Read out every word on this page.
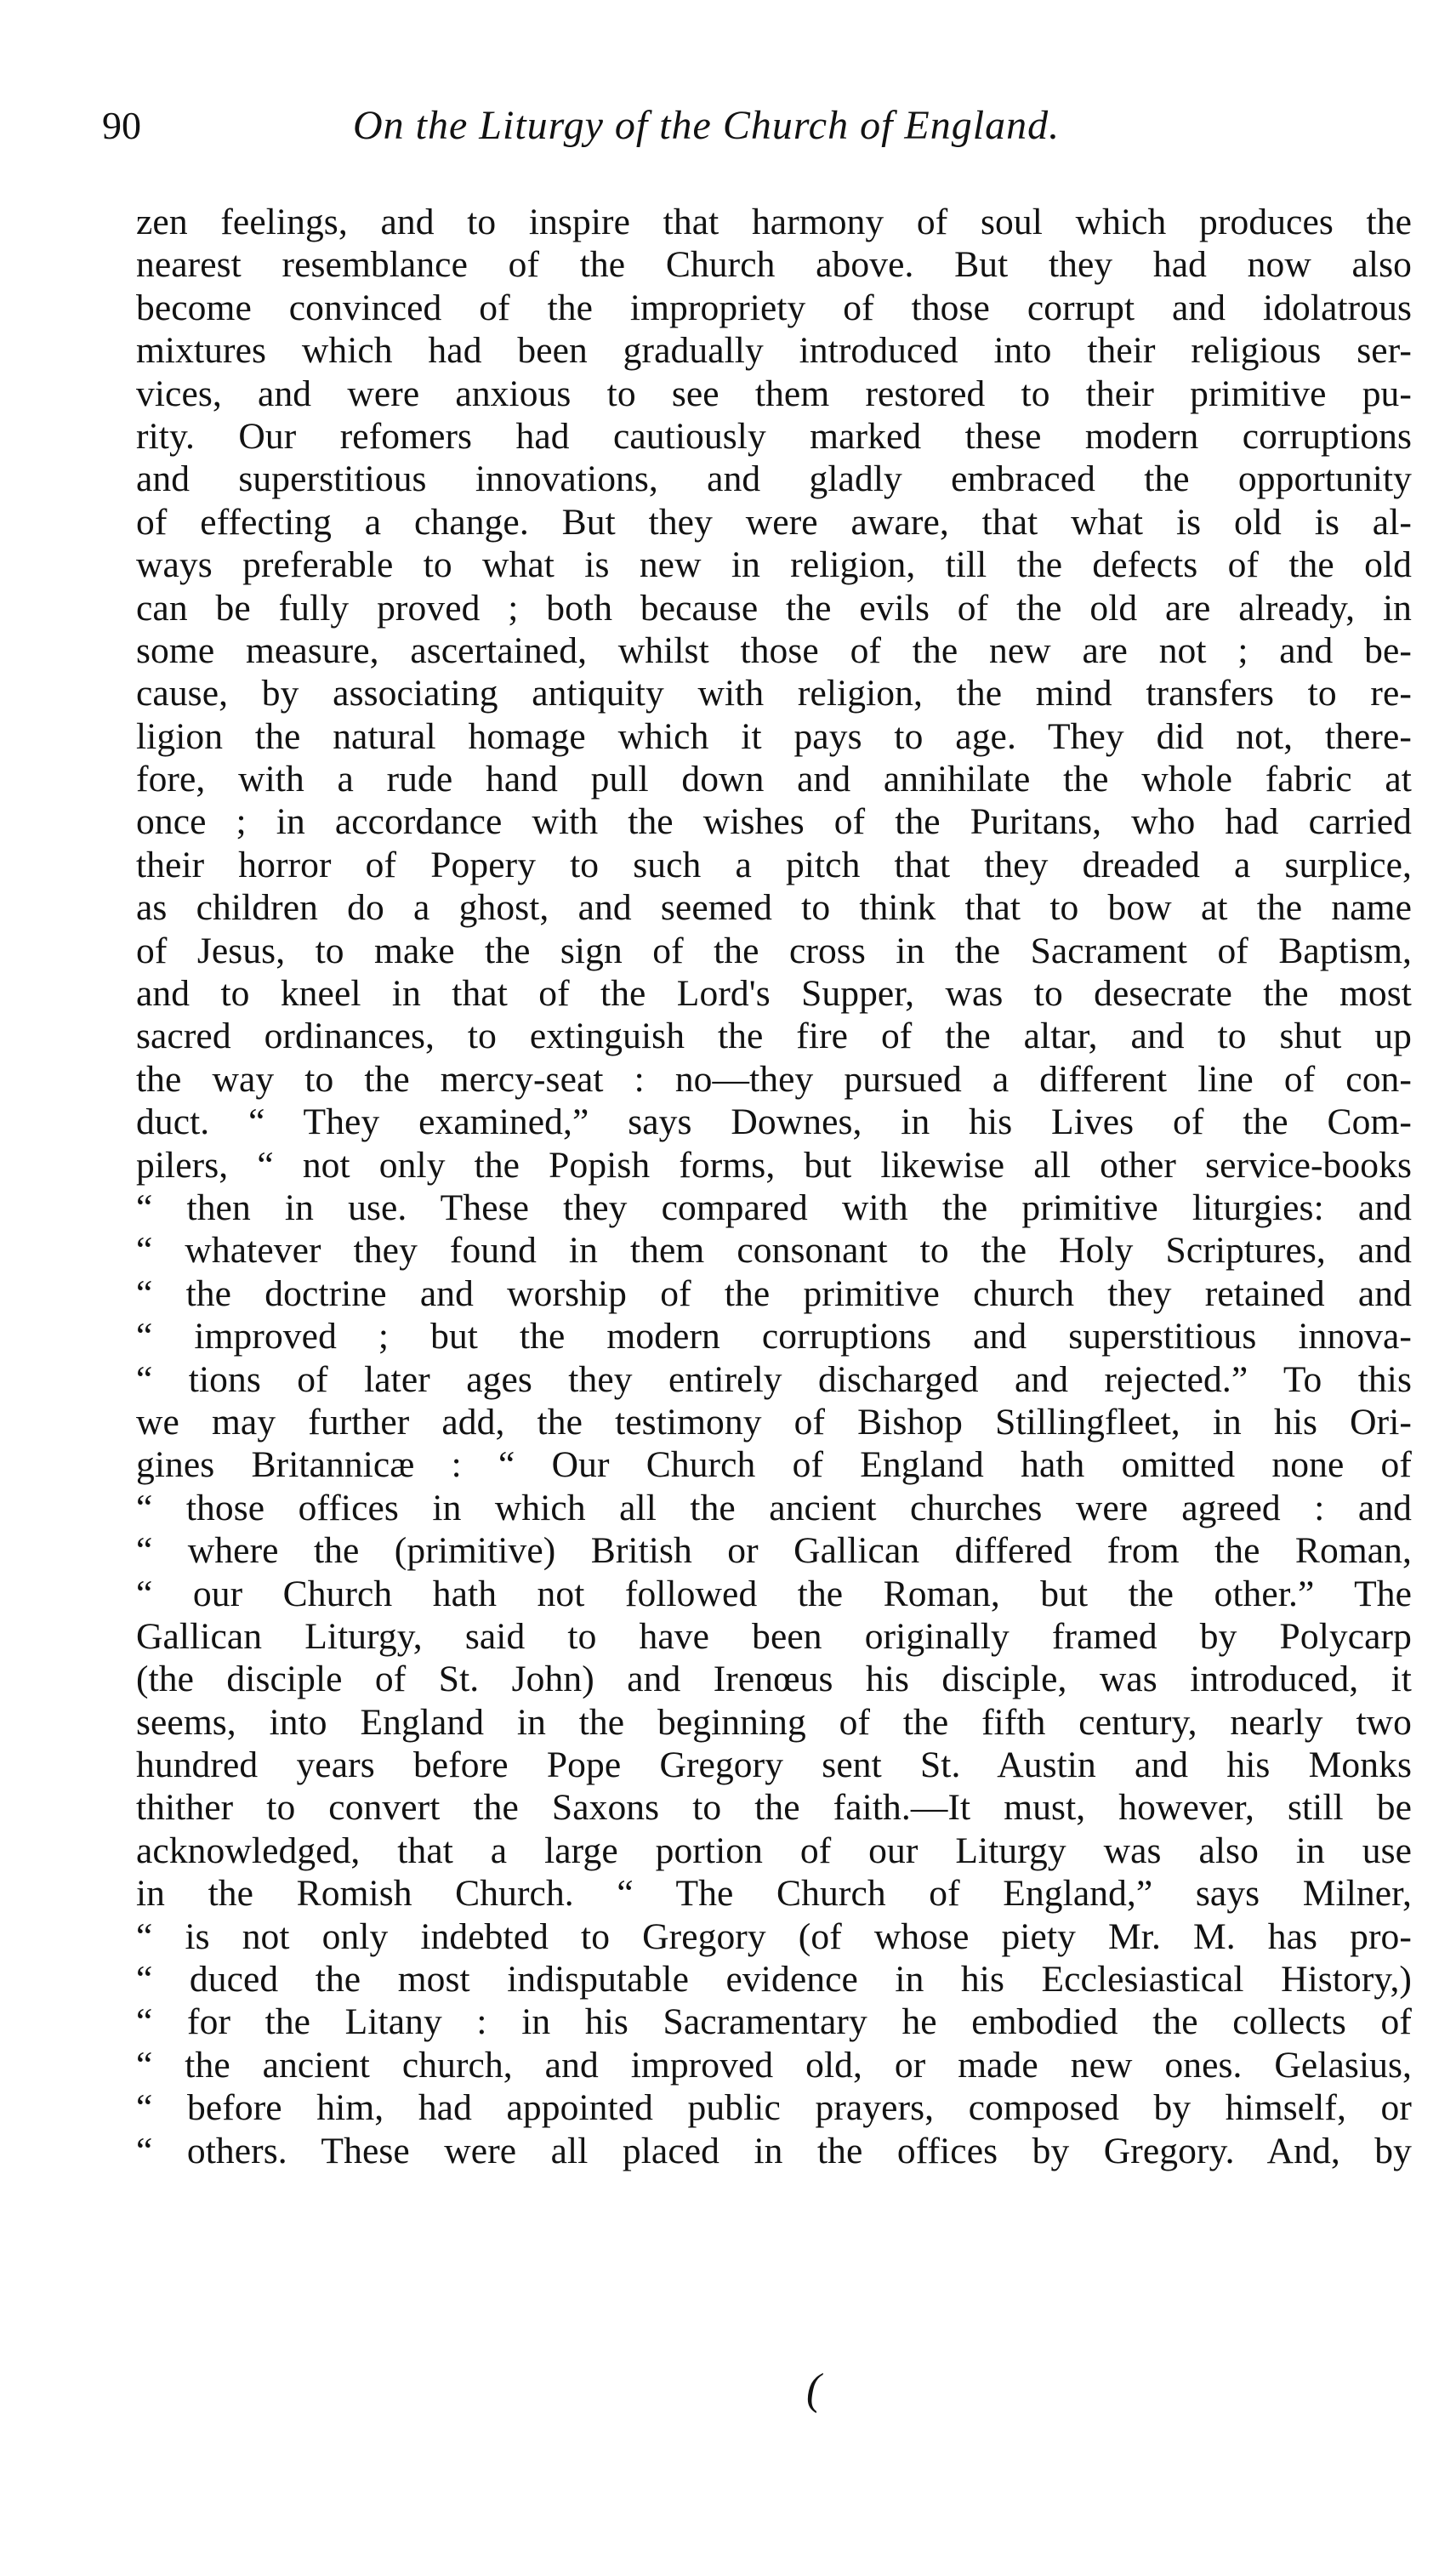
90	On the Liturgy of the Church of England.
zen feelings, and to inspire that harmony of soul which produces the
nearest resemblance of the Church above. But they had now also
become convinced of the impropriety of those corrupt and idolatrous
mixtures which had been gradually introduced into their religious ser-
vices, and were anxious to see them restored to their primitive pu-
rity. Our refomers had cautiously marked these modern corruptions
and superstitious innovations, and gladly embraced the opportunity
of effecting a change. But they were aware, that what is old is al-
ways preferable to what is new in religion, till the defects of the old
can be fully proved ; both because the evils of the old are already, in
some measure, ascertained, whilst those of the new are not ; and be-
cause, by associating antiquity with religion, the mind transfers to re-
ligion the natural homage which it pays to age. They did not, there-
fore, with a rude hand pull down and annihilate the whole fabric at
once ; in accordance with the wishes of the Puritans, who had carried
their horror of Popery to such a pitch that they dreaded a surplice,
as children do a ghost, and seemed to think that to bow at the name
of Jesus, to make the sign of the cross in the Sacrament of Baptism,
and to kneel in that of the Lord's Supper, was to desecrate the most
sacred ordinances, to extinguish the fire of the altar, and to shut up
the way to the mercy-seat : no—they pursued a different line of con-
duct. “ They examined,” says Downes, in his Lives of the Com-
pilers, “ not only the Popish forms, but likewise all other service-books
“ then in use. These they compared with the primitive liturgies: and
“ whatever they found in them consonant to the Holy Scriptures, and
“ the doctrine and worship of the primitive church they retained and
“ improved ; but the modern corruptions and superstitious innova-
“ tions of later ages they entirely discharged and rejected.” To this
we may further add, the testimony of Bishop Stillingfleet, in his Ori-
gines Britannicæ : “ Our Church of England hath omitted none of
“ those offices in which all the ancient churches were agreed : and
“ where the (primitive) British or Gallican differed from the Roman,
“ our Church hath not followed the Roman, but the other.” The
Gallican Liturgy, said to have been originally framed by Polycarp
(the disciple of St. John) and Irenœus his disciple, was introduced, it
seems, into England in the beginning of the fifth century, nearly two
hundred years before Pope Gregory sent St. Austin and his Monks
thither to convert the Saxons to the faith.—It must, however, still be
acknowledged, that a large portion of our Liturgy was also in use
in the Romish Church. “ The Church of England,” says Milner,
“ is not only indebted to Gregory (of whose piety Mr. M. has pro-
“ duced the most indisputable evidence in his Ecclesiastical History,)
“ for the Litany : in his Sacramentary he embodied the collects of
“ the ancient church, and improved old, or made new ones. Gelasius,
“ before him, had appointed public prayers, composed by himself, or
“ others. These were all placed in the offices by Gregory. And, by
(
